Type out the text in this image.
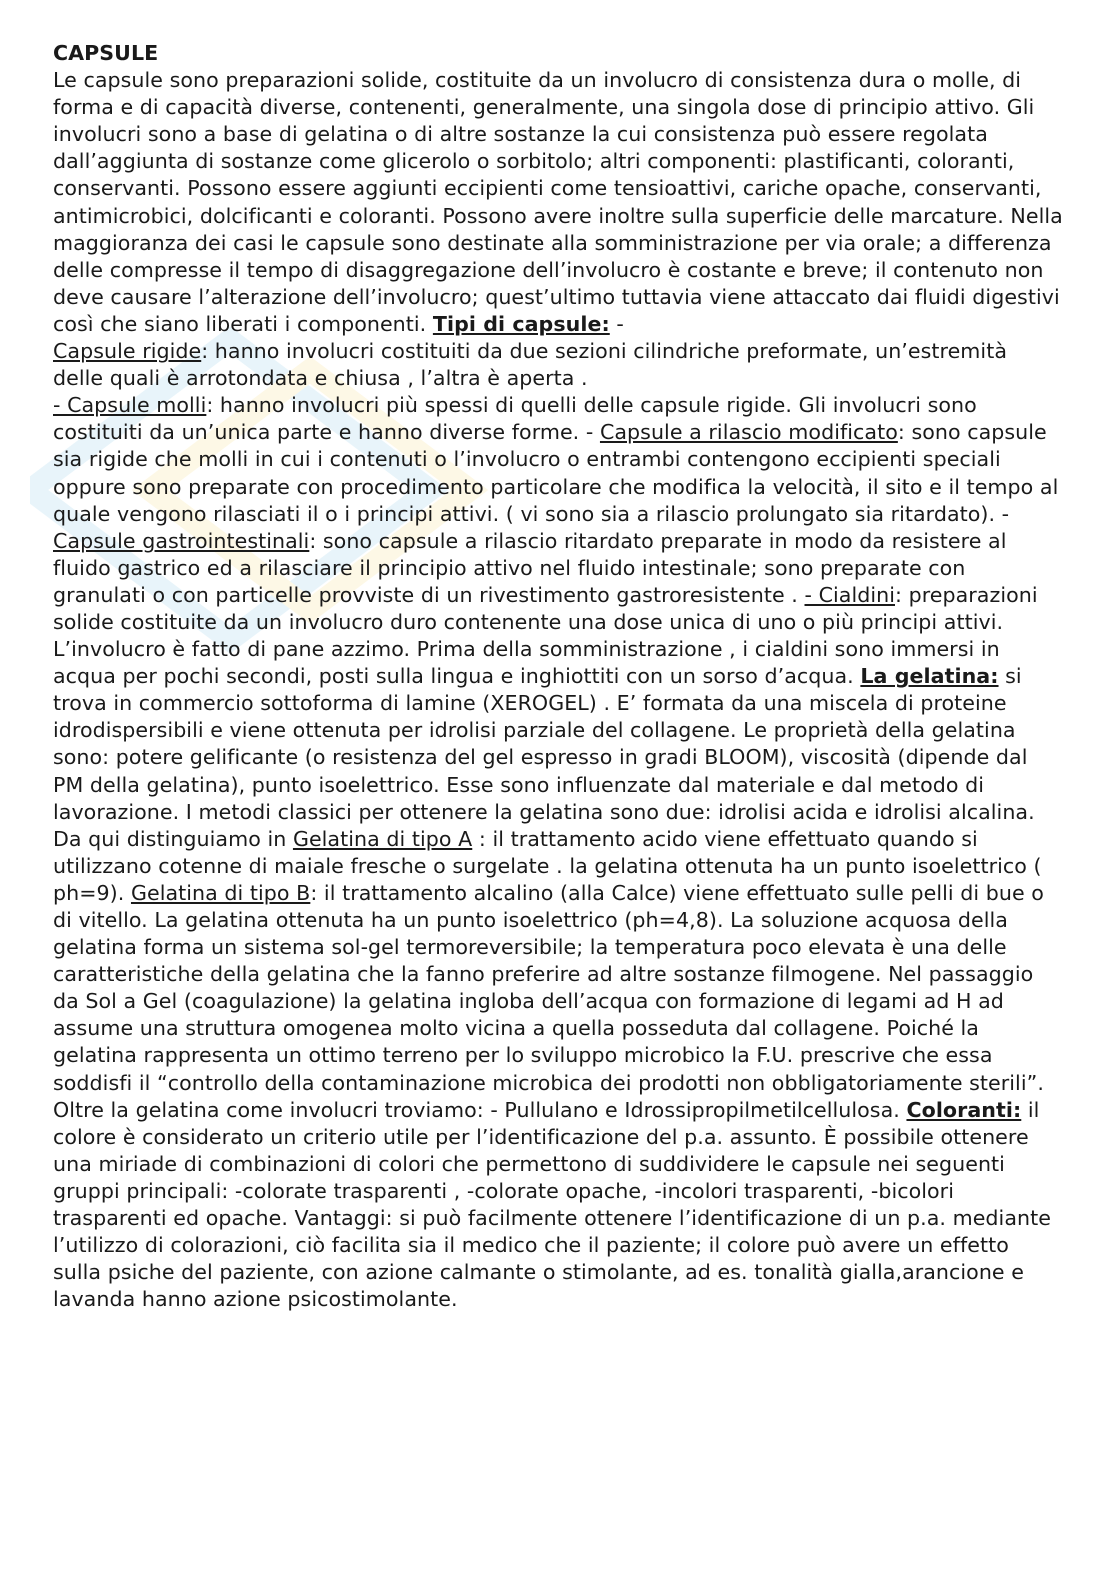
CAPSULE

Le capsule sono preparazioni solide, costituite da un involucro di consistenza dura o molle, di forma e di capacità diverse, contenenti, generalmente, una singola dose di principio attivo. Gli involucri sono a base di gelatina o di altre sostanze la cui consistenza può essere regolata dall’aggiunta di sostanze come glicerolo o sorbitolo; altri componenti: plastificanti, coloranti, conservanti. Possono essere aggiunti eccipienti come tensioattivi, cariche opache, conservanti, antimicrobici, dolcificanti e coloranti. Possono avere inoltre sulla superficie delle marcature. Nella maggioranza dei casi le capsule sono destinate alla somministrazione per via orale; a differenza delle compresse il tempo di disaggregazione dell’involucro è costante e breve; il contenuto non deve causare l’alterazione dell’involucro; quest’ultimo tuttavia viene attaccato dai fluidi digestivi così che siano liberati i componenti. Tipi di capsule: -
Capsule rigide: hanno involucri costituiti da due sezioni cilindriche preformate, un’estremità delle quali è arrotondata e chiusa , l’altra è aperta .
- Capsule molli: hanno involucri più spessi di quelli delle capsule rigide. Gli involucri sono costituiti da un’unica parte e hanno diverse forme. - Capsule a rilascio modificato: sono capsule sia rigide che molli in cui i contenuti o l’involucro o entrambi contengono eccipienti speciali oppure sono preparate con procedimento particolare che modifica la velocità, il sito e il tempo al quale vengono rilasciati il o i principi attivi. ( vi sono sia a rilascio prolungato sia ritardato). - Capsule gastrointestinali: sono capsule a rilascio ritardato preparate in modo da resistere al fluido gastrico ed a rilasciare il principio attivo nel fluido intestinale; sono preparate con granulati o con particelle provviste di un rivestimento gastroresistente . - Cialdini: preparazioni solide costituite da un involucro duro contenente una dose unica di uno o più principi attivi. L’involucro è fatto di pane azzimo. Prima della somministrazione , i cialdini sono immersi in acqua per pochi secondi, posti sulla lingua e inghiottiti con un sorso d’acqua. La gelatina: si trova in commercio sottoforma di lamine (XEROGEL) . E’ formata da una miscela di proteine idrodispersibili e viene ottenuta per idrolisi parziale del collagene. Le proprietà della gelatina sono: potere gelificante (o resistenza del gel espresso in gradi BLOOM), viscosità (dipende dal PM della gelatina), punto isoelettrico. Esse sono influenzate dal materiale e dal metodo di lavorazione. I metodi classici per ottenere la gelatina sono due: idrolisi acida e idrolisi alcalina. Da qui distinguiamo in Gelatina di tipo A : il trattamento acido viene effettuato quando si utilizzano cotenne di maiale fresche o surgelate . la gelatina ottenuta ha un punto isoelettrico ( ph=9). Gelatina di tipo B: il trattamento alcalino (alla Calce) viene effettuato sulle pelli di bue o di vitello. La gelatina ottenuta ha un punto isoelettrico (ph=4,8). La soluzione acquosa della gelatina forma un sistema sol-gel termoreversibile; la temperatura poco elevata è una delle caratteristiche della gelatina che la fanno preferire ad altre sostanze filmogene. Nel passaggio da Sol a Gel (coagulazione) la gelatina ingloba dell’acqua con formazione di legami ad H ad assume una struttura omogenea molto vicina a quella posseduta dal collagene. Poiché la gelatina rappresenta un ottimo terreno per lo sviluppo microbico la F.U. prescrive che essa soddisfi il “controllo della contaminazione microbica dei prodotti non obbligatoriamente sterili”. Oltre la gelatina come involucri troviamo: - Pullulano e Idrossipropilmetilcellulosa. Coloranti: il colore è considerato un criterio utile per l’identificazione del p.a. assunto. È possibile ottenere una miriade di combinazioni di colori che permettono di suddividere le capsule nei seguenti gruppi principali: -colorate trasparenti , -colorate opache, -incolori trasparenti, -bicolori trasparenti ed opache. Vantaggi: si può facilmente ottenere l’identificazione di un p.a. mediante l’utilizzo di colorazioni, ciò facilita sia il medico che il paziente; il colore può avere un effetto sulla psiche del paziente, con azione calmante o stimolante, ad es. tonalità gialla,arancione e lavanda hanno azione psicostimolante.
